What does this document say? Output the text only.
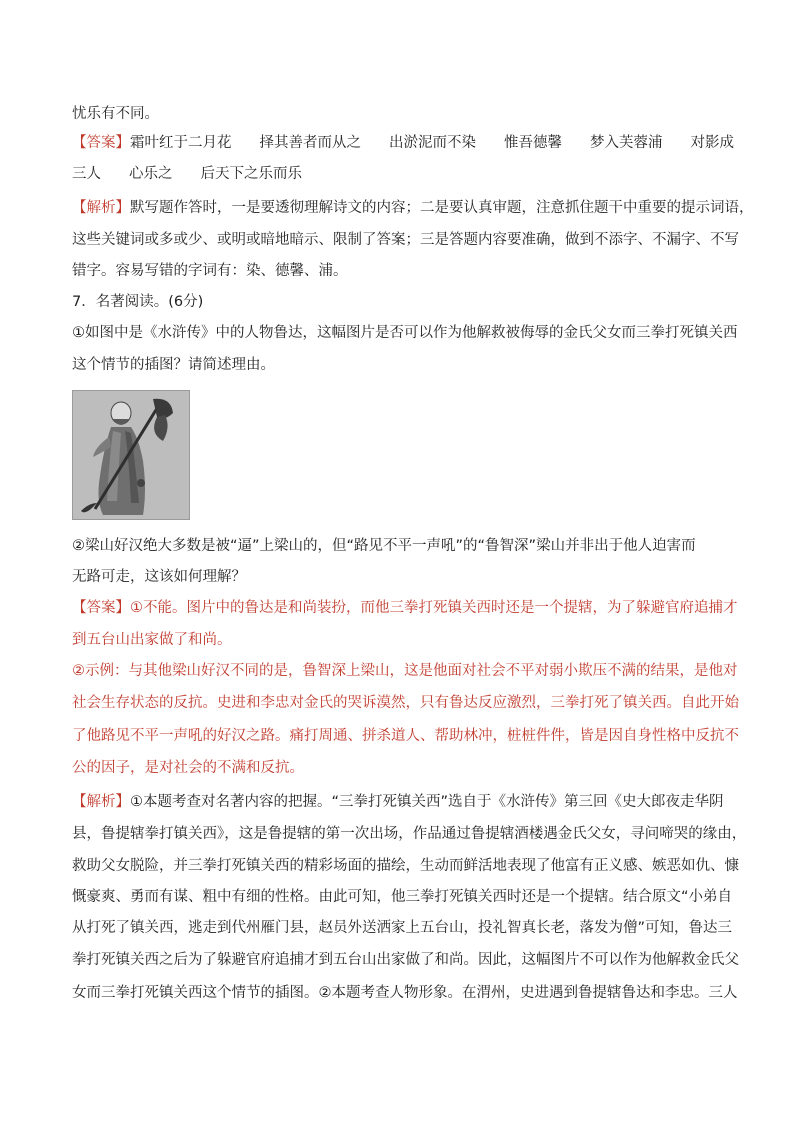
忧乐有不同。
【答案】霜叶红于二月花 择其善者而从之 出淤泥而不染 惟吾德馨 梦入芙蓉浦 对影成
三人 心乐之 后天下之乐而乐
【解析】默写题作答时，一是要透彻理解诗文的内容；二是要认真审题，注意抓住题干中重要的提示词语，
这些关键词或多或少、或明或暗地暗示、限制了答案；三是答题内容要准确，做到不添字、不漏字、不写
错字。容易写错的字词有：染、德馨、浦。
7．名著阅读。(6分)
①如图中是《水浒传》中的人物鲁达，这幅图片是否可以作为他解救被侮辱的金氏父女而三拳打死镇关西
这个情节的插图？请简述理由。
②梁山好汉绝大多数是被“逼”上梁山的，但“路见不平一声吼”的“鲁智深”梁山并非出于他人迫害而
无路可走，这该如何理解？
【答案】①不能。图片中的鲁达是和尚装扮，而他三拳打死镇关西时还是一个提辖，为了躲避官府追捕才
到五台山出家做了和尚。
②示例：与其他梁山好汉不同的是，鲁智深上梁山，这是他面对社会不平对弱小欺压不满的结果，是他对
社会生存状态的反抗。史进和李忠对金氏的哭诉漠然，只有鲁达反应激烈，三拳打死了镇关西。自此开始
了他路见不平一声吼的好汉之路。痛打周通、拼杀道人、帮助林冲，桩桩件件，皆是因自身性格中反抗不
公的因子，是对社会的不满和反抗。
【解析】①本题考查对名著内容的把握。“三拳打死镇关西”选自于《水浒传》第三回《史大郎夜走华阴
县，鲁提辖拳打镇关西》，这是鲁提辖的第一次出场，作品通过鲁提辖酒楼遇金氏父女，寻问啼哭的缘由，
救助父女脱险，并三拳打死镇关西的精彩场面的描绘，生动而鲜活地表现了他富有正义感、嫉恶如仇、慷
慨豪爽、勇而有谋、粗中有细的性格。由此可知，他三拳打死镇关西时还是一个提辖。结合原文“小弟自
从打死了镇关西，逃走到代州雁门县，赵员外送洒家上五台山，投礼智真长老，落发为僧”可知，鲁达三
拳打死镇关西之后为了躲避官府追捕才到五台山出家做了和尚。因此，这幅图片不可以作为他解救金氏父
女而三拳打死镇关西这个情节的插图。②本题考查人物形象。在渭州，史进遇到鲁提辖鲁达和李忠。三人
